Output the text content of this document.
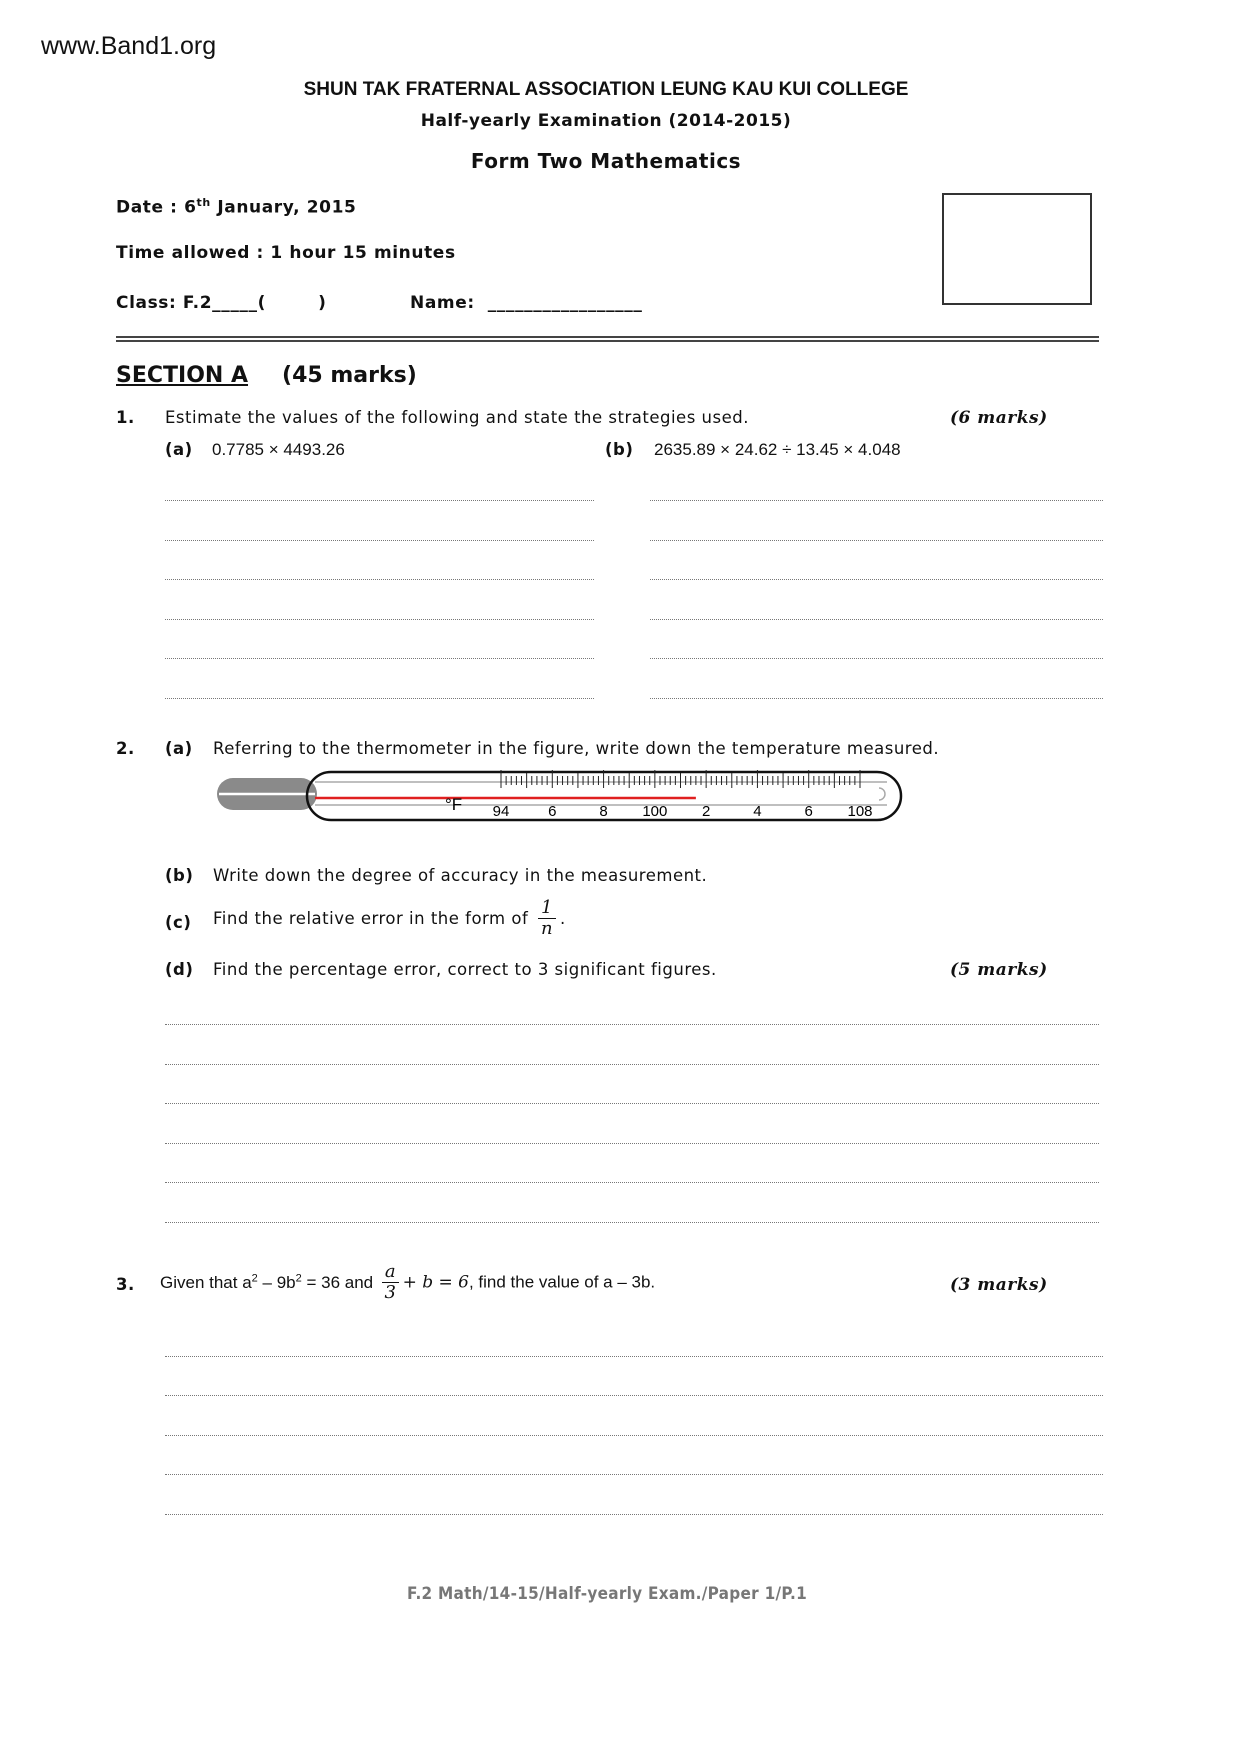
www.Band1.org
SHUN TAK FRATERNAL ASSOCIATION LEUNG KAU KUI COLLEGE
Half-yearly Examination (2014-2015)
Form Two Mathematics
Date : 6th January, 2015
Time allowed : 1 hour 15 minutes
Class: F.2_____(        )	Name:  _________________
SECTION A (45 marks)
1. Estimate the values of the following and state the strategies used.	(6 marks)
(a) 0.7785 × 4493.26	(b) 2635.89 × 24.62 ÷ 13.45 × 4.048
2. (a) Referring to the thermometer in the figure, write down the temperature measured.
°F 94	6	8 100 2	4	6 108
(b) Write down the degree of accuracy in the measurement.
(c) Find the relative error in the form of $\frac{1}{n}$ .
(d) Find the percentage error, correct to 3 significant figures.	(5 marks)
3. Given that $a^2 - 9b^2 = 36$ and $\frac{a}{3} + b = 6$, find the value of a – 3b.	(3 marks)
F.2 Math/14-15/Half-yearly Exam./Paper 1/P.1
